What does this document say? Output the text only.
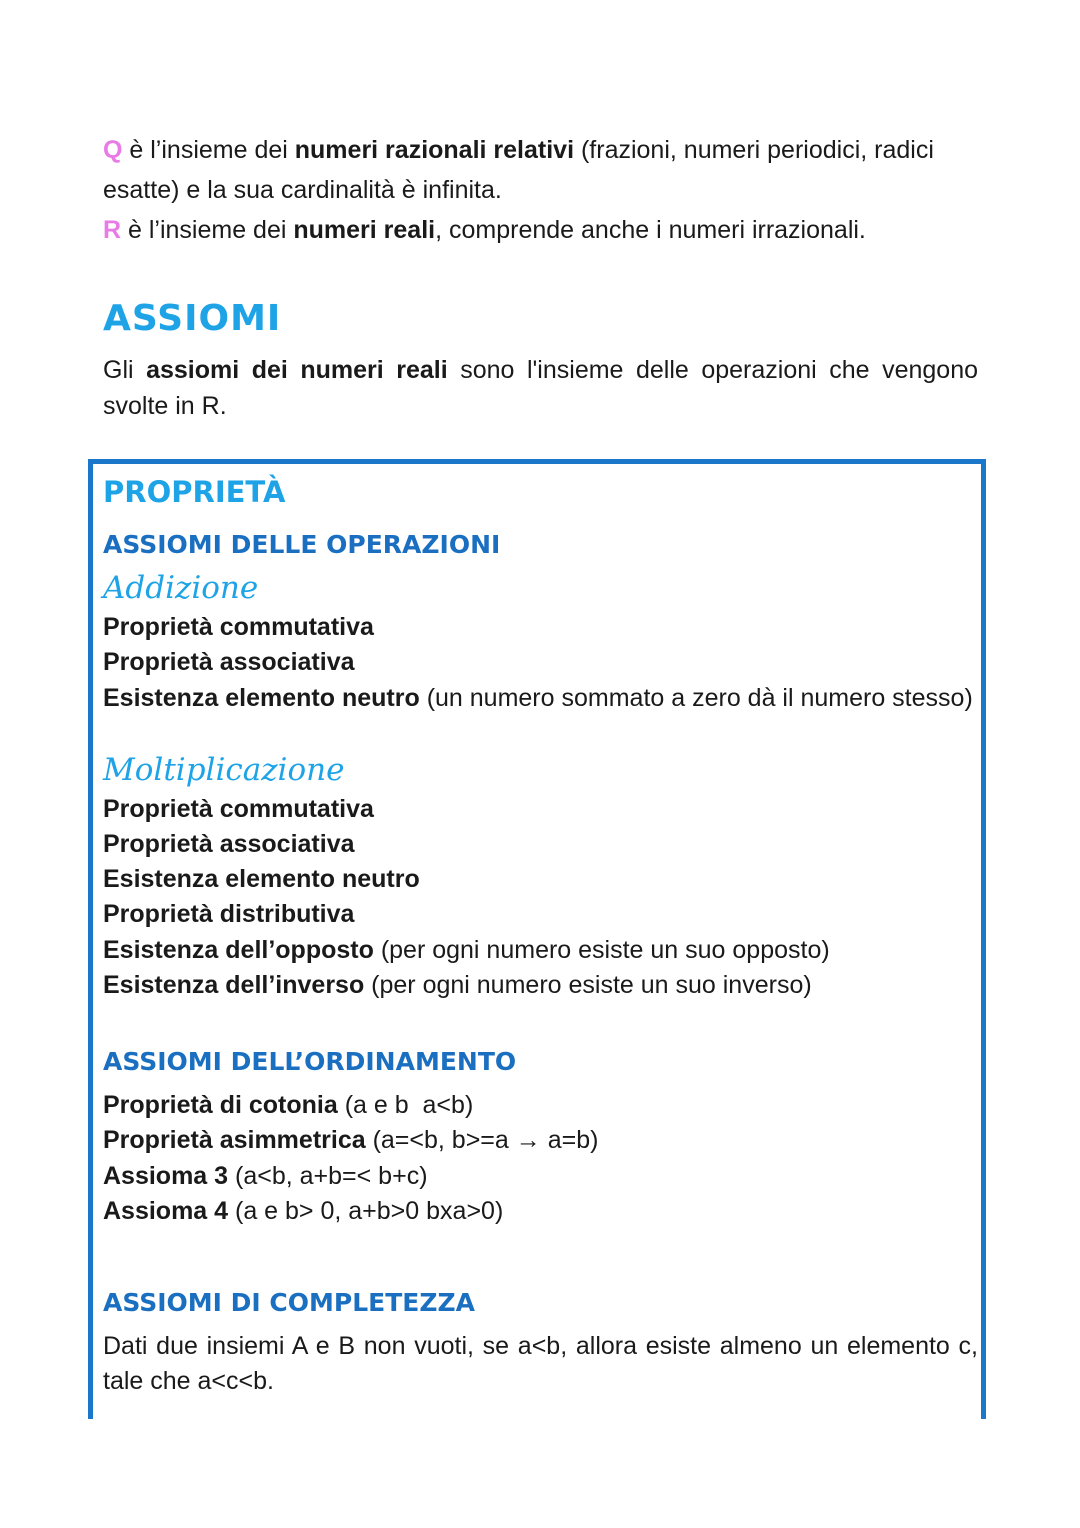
Q è l’insieme dei numeri razionali relativi (frazioni, numeri periodici, radici esatte) e la sua cardinalità è infinita.
R è l’insieme dei numeri reali, comprende anche i numeri irrazionali.
ASSIOMI
Gli assiomi dei numeri reali sono l'insieme delle operazioni che vengono svolte in R.
PROPRIETÀ
ASSIOMI DELLE OPERAZIONI
Addizione
Proprietà commutativa
Proprietà associativa
Esistenza elemento neutro (un numero sommato a zero dà il numero stesso)
Moltiplicazione
Proprietà commutativa
Proprietà associativa
Esistenza elemento neutro
Proprietà distributiva
Esistenza dell’opposto (per ogni numero esiste un suo opposto)
Esistenza dell’inverso (per ogni numero esiste un suo inverso)
ASSIOMI DELL’ORDINAMENTO
Proprietà di cotonia (a e b  a<b)
Proprietà asimmetrica (a=<b, b>=a → a=b)
Assioma 3 (a<b, a+b=< b+c)
Assioma 4 (a e b> 0, a+b>0 bxa>0)
ASSIOMI DI COMPLETEZZA
Dati due insiemi A e B non vuoti, se a<b, allora esiste almeno un elemento c, tale che a<c<b.
